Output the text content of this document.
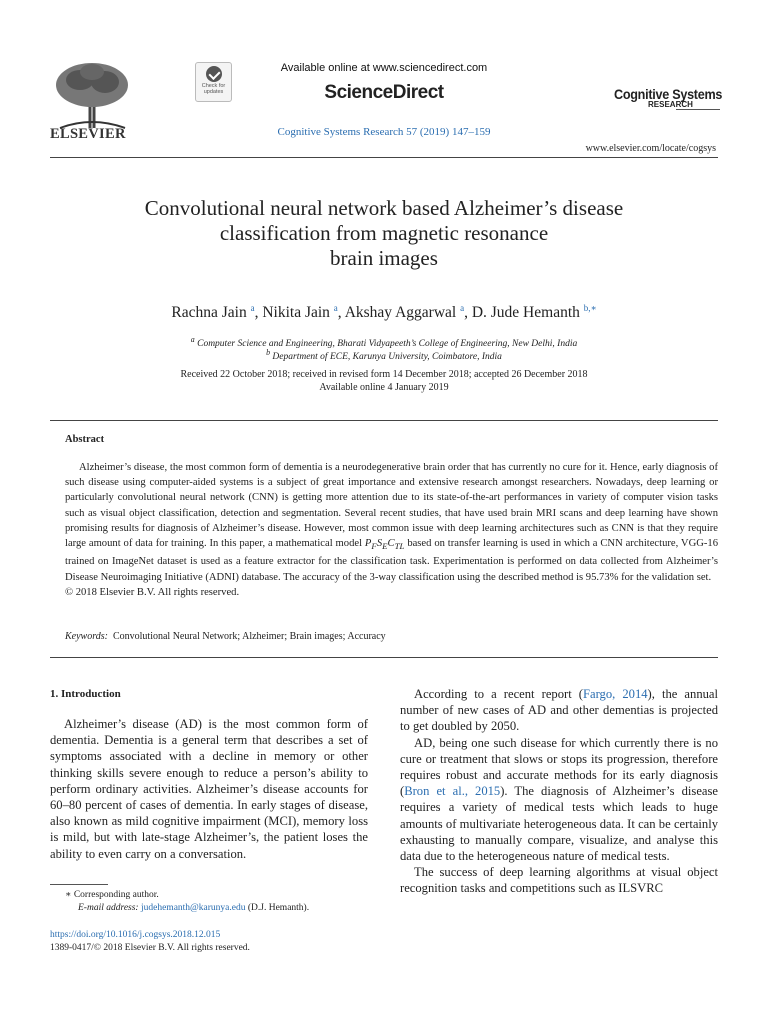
ELSEVIER
Check for updates
Available online at www.sciencedirect.com
ScienceDirect
Cognitive Systems Research 57 (2019) 147–159
Cognitive Systems
RESEARCH
www.elsevier.com/locate/cogsys
Convolutional neural network based Alzheimer’s disease
classification from magnetic resonance
brain images
Rachna Jain $^a$, Nikita Jain $^a$, Akshay Aggarwal $^a$, D. Jude Hemanth $^{b,∗}$
$^a$ Computer Science and Engineering, Bharati Vidyapeeth’s College of Engineering, New Delhi, India
$^b$ Department of ECE, Karunya University, Coimbatore, India
Received 22 October 2018; received in revised form 14 December 2018; accepted 26 December 2018
Available online 4 January 2019
Abstract

Alzheimer’s disease, the most common form of dementia is a neurodegenerative brain order that has currently no cure for it. Hence, early diagnosis of such disease using computer-aided systems is a subject of great importance and extensive research amongst researchers. Nowadays, deep learning or particularly convolutional neural network (CNN) is getting more attention due to its state-of-the-art performances in variety of computer vision tasks such as visual object classification, detection and segmentation. Several recent studies, that have used brain MRI scans and deep learning have shown promising results for diagnosis of Alzheimer’s disease. However, most common issue with deep learning architectures such as CNN is that they require large amount of data for training. In this paper, a mathematical model $P_FS_EC_{TL}$ based on transfer learning is used in which a CNN architecture, VGG-16 trained on ImageNet dataset is used as a feature extractor for the classification task. Experimentation is performed on data collected from Alzheimer’s Disease Neuroimaging Initiative (ADNI) database. The accuracy of the 3-way classification using the described method is 95.73% for the validation set.

© 2018 Elsevier B.V. All rights reserved.
Keywords: Convolutional Neural Network; Alzheimer; Brain images; Accuracy
1. Introduction

Alzheimer’s disease (AD) is the most common form of dementia. Dementia is a general term that describes a set of symptoms associated with a decline in memory or other thinking skills severe enough to reduce a person’s ability to perform ordinary activities. Alzheimer’s disease accounts for 60–80 percent of cases of dementia. In early stages of disease, also known as mild cognitive impairment (MCI), memory loss is mild, but with late-stage Alzheimer’s, the patient loses the ability to even carry on a conversation.

According to a recent report (Fargo, 2014), the annual number of new cases of AD and other dementias is projected to get doubled by 2050.

AD, being one such disease for which currently there is no cure or treatment that slows or stops its progression, therefore requires robust and accurate methods for its early diagnosis (Bron et al., 2015). The diagnosis of Alzheimer’s disease requires a variety of medical tests which leads to huge amounts of multivariate heterogeneous data. It can be certainly exhausting to manually compare, visualize, and analyse this data due to the heterogeneous nature of medical tests.

The success of deep learning algorithms at visual object recognition tasks and competitions such as ILSVRC

∗ Corresponding author.
E-mail address: judehemanth@karunya.edu (D.J. Hemanth).
https://doi.org/10.1016/j.cogsys.2018.12.015
1389-0417/© 2018 Elsevier B.V. All rights reserved.
